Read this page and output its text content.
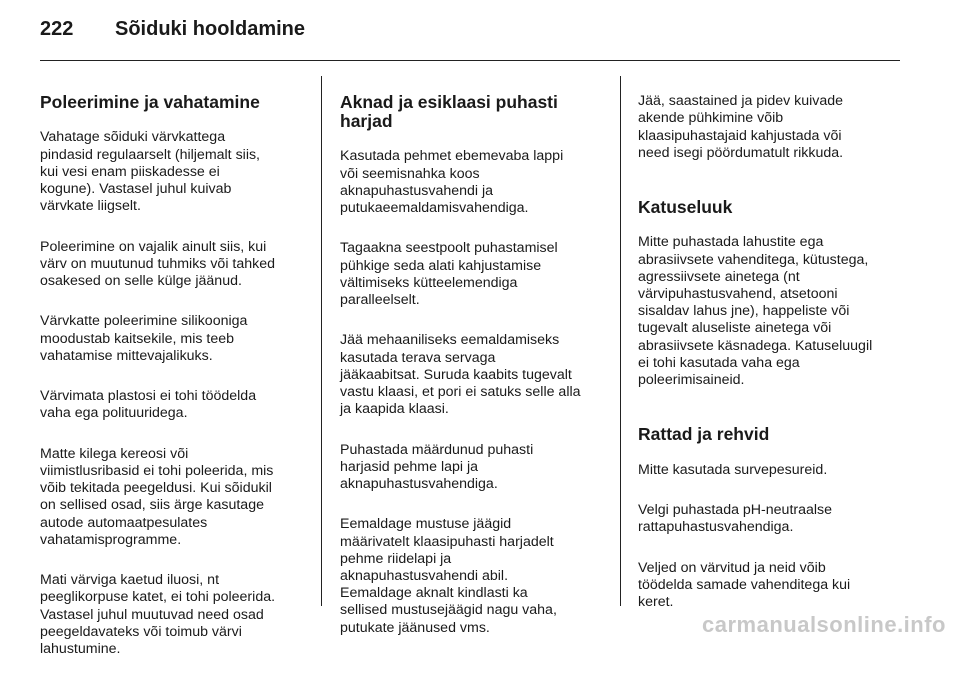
222	Sõiduki hooldamine

Poleerimine ja vahatamine

Vahatage sõiduki värvkattega
pindasid regulaarselt (hiljemalt siis,
kui vesi enam piiskadesse ei
kogune). Vastasel juhul kuivab
värvkate liigselt.

Poleerimine on vajalik ainult siis, kui
värv on muutunud tuhmiks või tahked
osakesed on selle külge jäänud.

Värvkatte poleerimine silikooniga
moodustab kaitsekile, mis teeb
vahatamise mittevajalikuks.

Värvimata plastosi ei tohi töödelda
vaha ega polituuridega.

Matte kilega kereosi või
viimistlusribasid ei tohi poleerida, mis
võib tekitada peegeldusi. Kui sõidukil
on sellised osad, siis ärge kasutage
autode automaatpesulates
vahatamisprogramme.

Mati värviga kaetud iluosi, nt
peeglikorpuse katet, ei tohi poleerida.
Vastasel juhul muutuvad need osad
peegeldavateks või toimub värvi
lahustumine.

Aknad ja esiklaasi puhasti harjad

Kasutada pehmet ebemevaba lappi
või seemisnahka koos
aknapuhastusvahendi ja
putukaeemaldamisvahendiga.

Tagaakna seestpoolt puhastamisel
pühkige seda alati kahjustamise
vältimiseks kütteelemendiga
paralleelselt.

Jää mehaaniliseks eemaldamiseks
kasutada terava servaga
jääkaabitsat. Suruda kaabits tugevalt
vastu klaasi, et pori ei satuks selle alla
ja kaapida klaasi.

Puhastada määrdunud puhasti
harjasid pehme lapi ja
aknapuhastusvahendiga.

Eemaldage mustuse jäägid
määrivatelt klaasipuhasti harjadelt
pehme riidelapi ja
aknapuhastusvahendi abil.
Eemaldage aknalt kindlasti ka
sellised mustusejäägid nagu vaha,
putukate jäänused vms.

Jää, saastained ja pidev kuivade
akende pühkimine võib
klaasipuhastajaid kahjustada või
need isegi pöördumatult rikkuda.

Katuseluuk

Mitte puhastada lahustite ega
abrasiivsete vahenditega, kütustega,
agressiivsete ainetega (nt
värvipuhastusvahend, atsetooni
sisaldav lahus jne), happeliste või
tugevalt aluseliste ainetega või
abrasiivsete käsnadega. Katuseluugil
ei tohi kasutada vaha ega
poleerimisaineid.

Rattad ja rehvid

Mitte kasutada survepesureid.

Velgi puhastada pH-neutraalse
rattapuhastusvahendiga.

Veljed on värvitud ja neid võib
töödelda samade vahenditega kui
keret.

carmanualsonline.info
